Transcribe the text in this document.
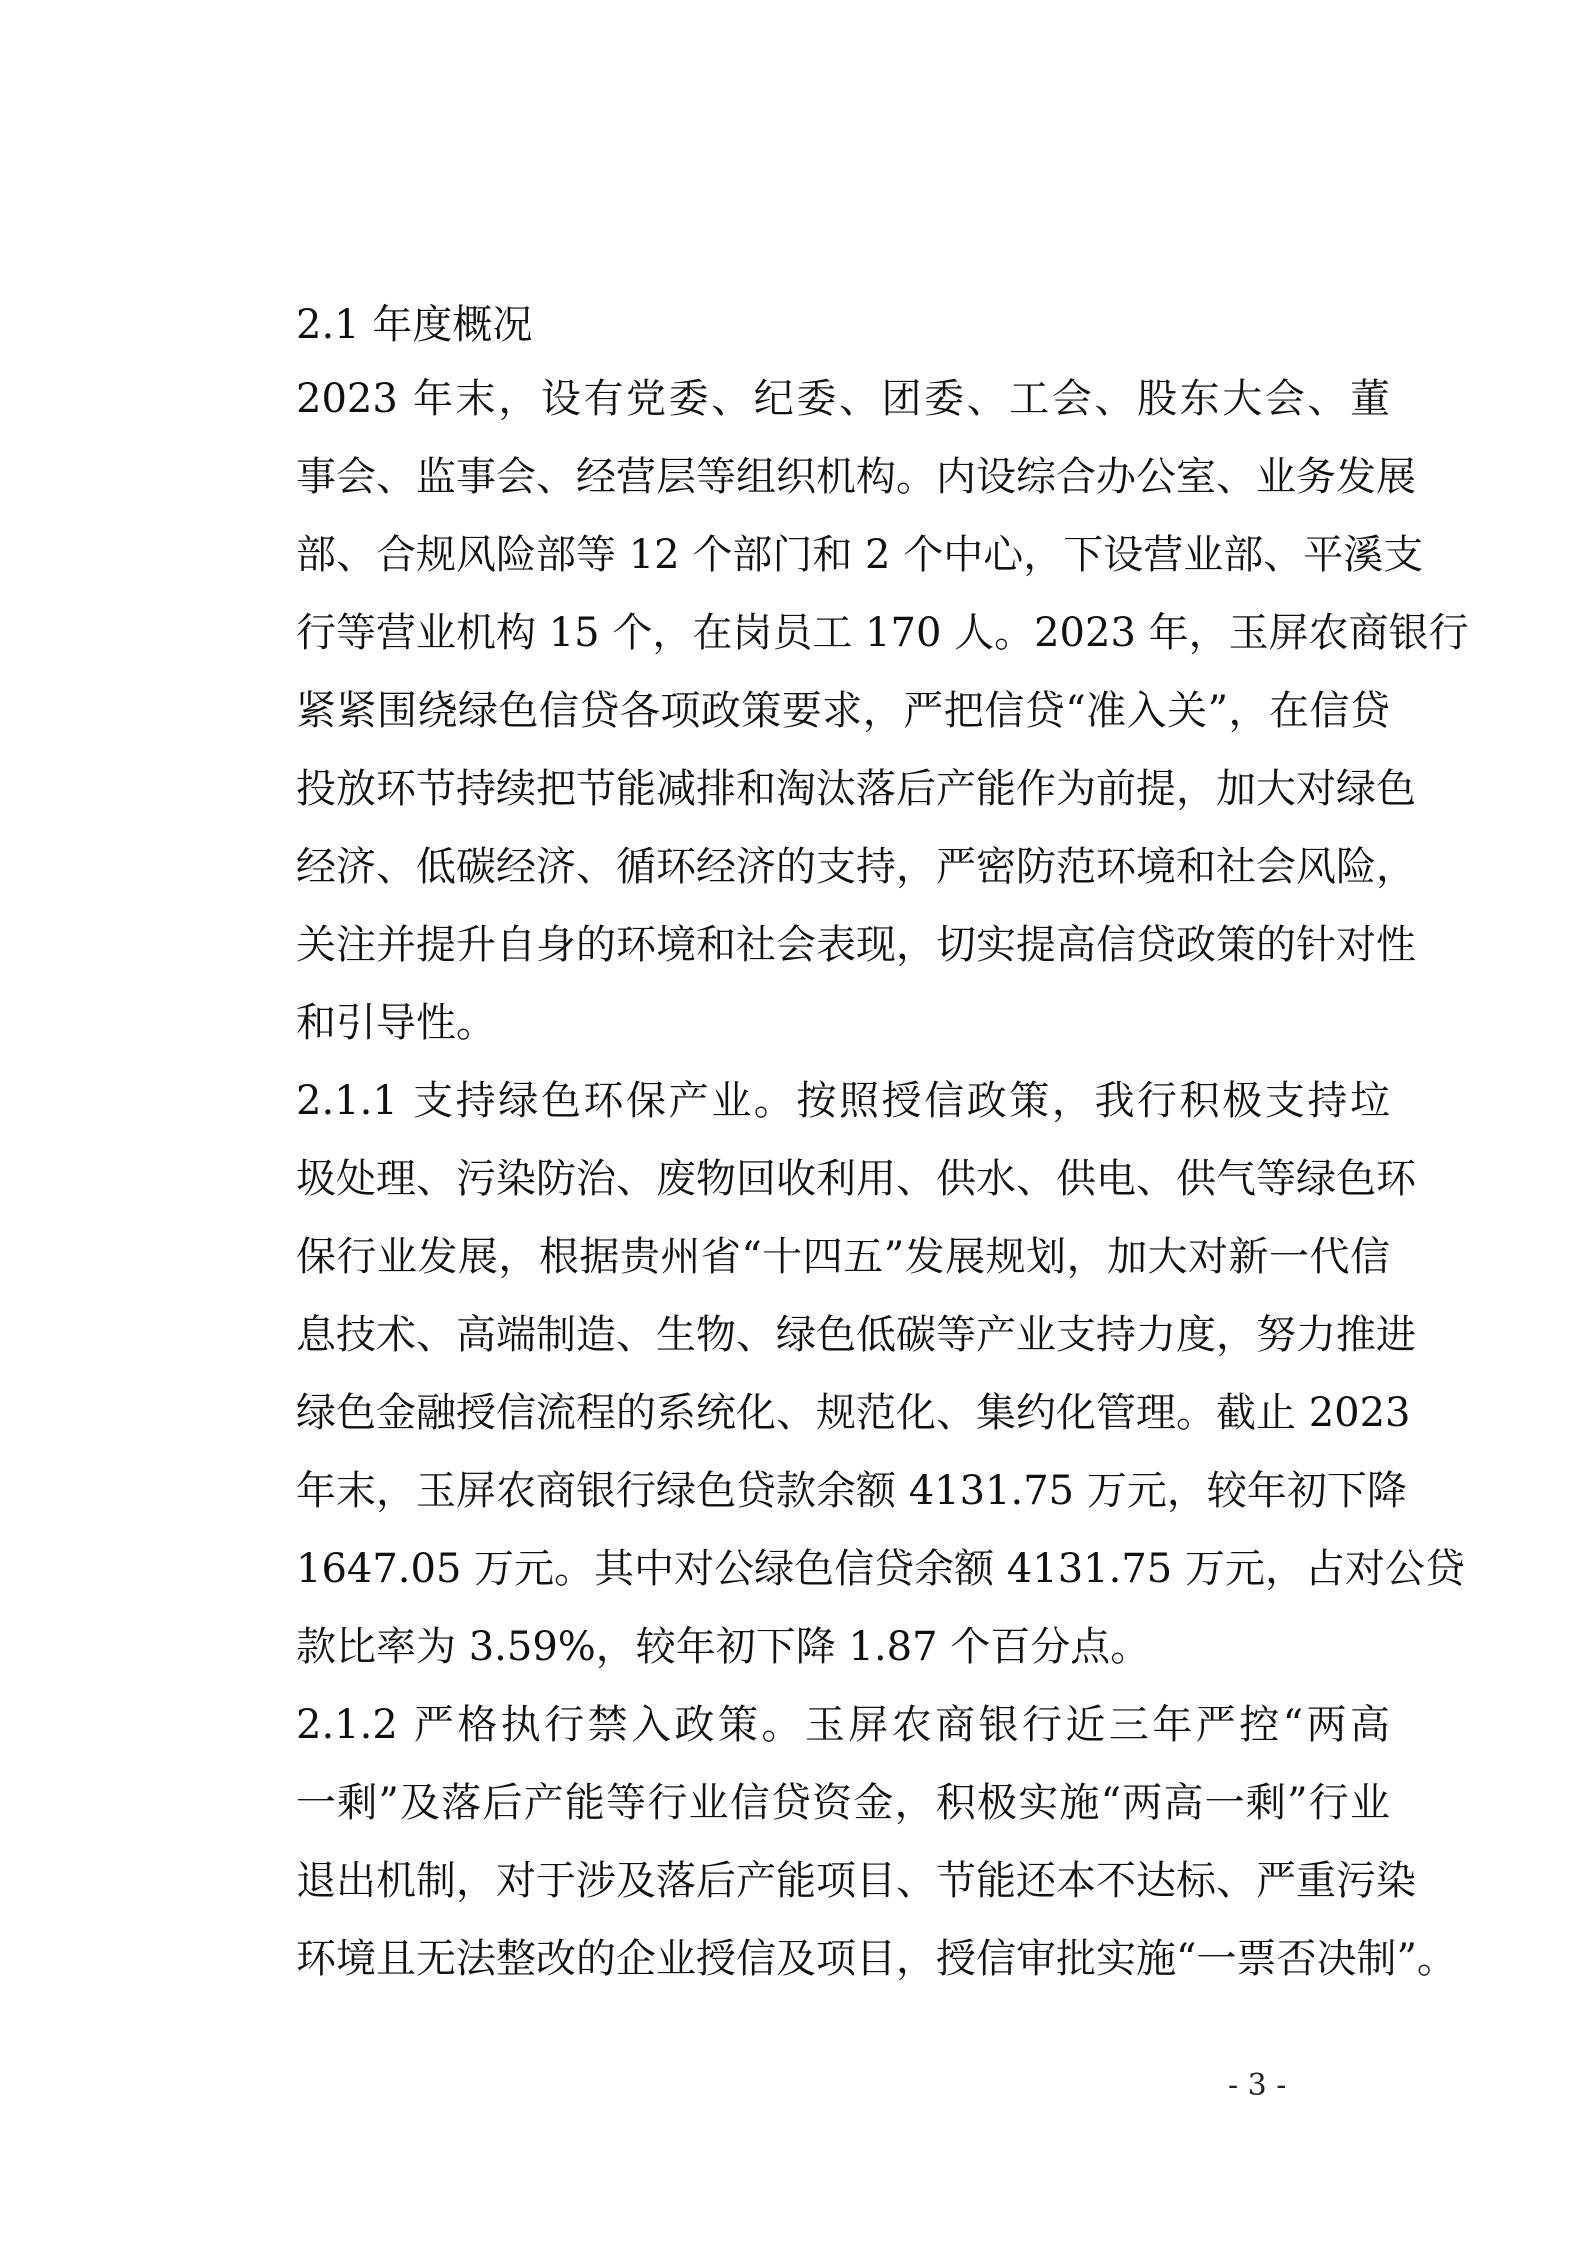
2.1 年度概况
2023 年末，设有党委、纪委、团委、工会、股东大会、董
事会、监事会、经营层等组织机构。内设综合办公室、业务发展
部、合规风险部等 12 个部门和 2 个中心，下设营业部、平溪支
行等营业机构 15 个，在岗员工 170 人。2023 年，玉屏农商银行
紧紧围绕绿色信贷各项政策要求，严把信贷“准入关”，在信贷
投放环节持续把节能减排和淘汰落后产能作为前提，加大对绿色
经济、低碳经济、循环经济的支持，严密防范环境和社会风险，
关注并提升自身的环境和社会表现，切实提高信贷政策的针对性
和引导性。
2.1.1 支持绿色环保产业。按照授信政策，我行积极支持垃
圾处理、污染防治、废物回收利用、供水、供电、供气等绿色环
保行业发展，根据贵州省“十四五”发展规划，加大对新一代信
息技术、高端制造、生物、绿色低碳等产业支持力度，努力推进
绿色金融授信流程的系统化、规范化、集约化管理。截止 2023
年末，玉屏农商银行绿色贷款余额 4131.75 万元，较年初下降
1647.05 万元。其中对公绿色信贷余额 4131.75 万元，占对公贷
款比率为 3.59%，较年初下降 1.87 个百分点。
2.1.2 严格执行禁入政策。玉屏农商银行近三年严控“两高
一剩”及落后产能等行业信贷资金，积极实施“两高一剩”行业
退出机制，对于涉及落后产能项目、节能还本不达标、严重污染
环境且无法整改的企业授信及项目，授信审批实施“一票否决制”。
- 3 -
